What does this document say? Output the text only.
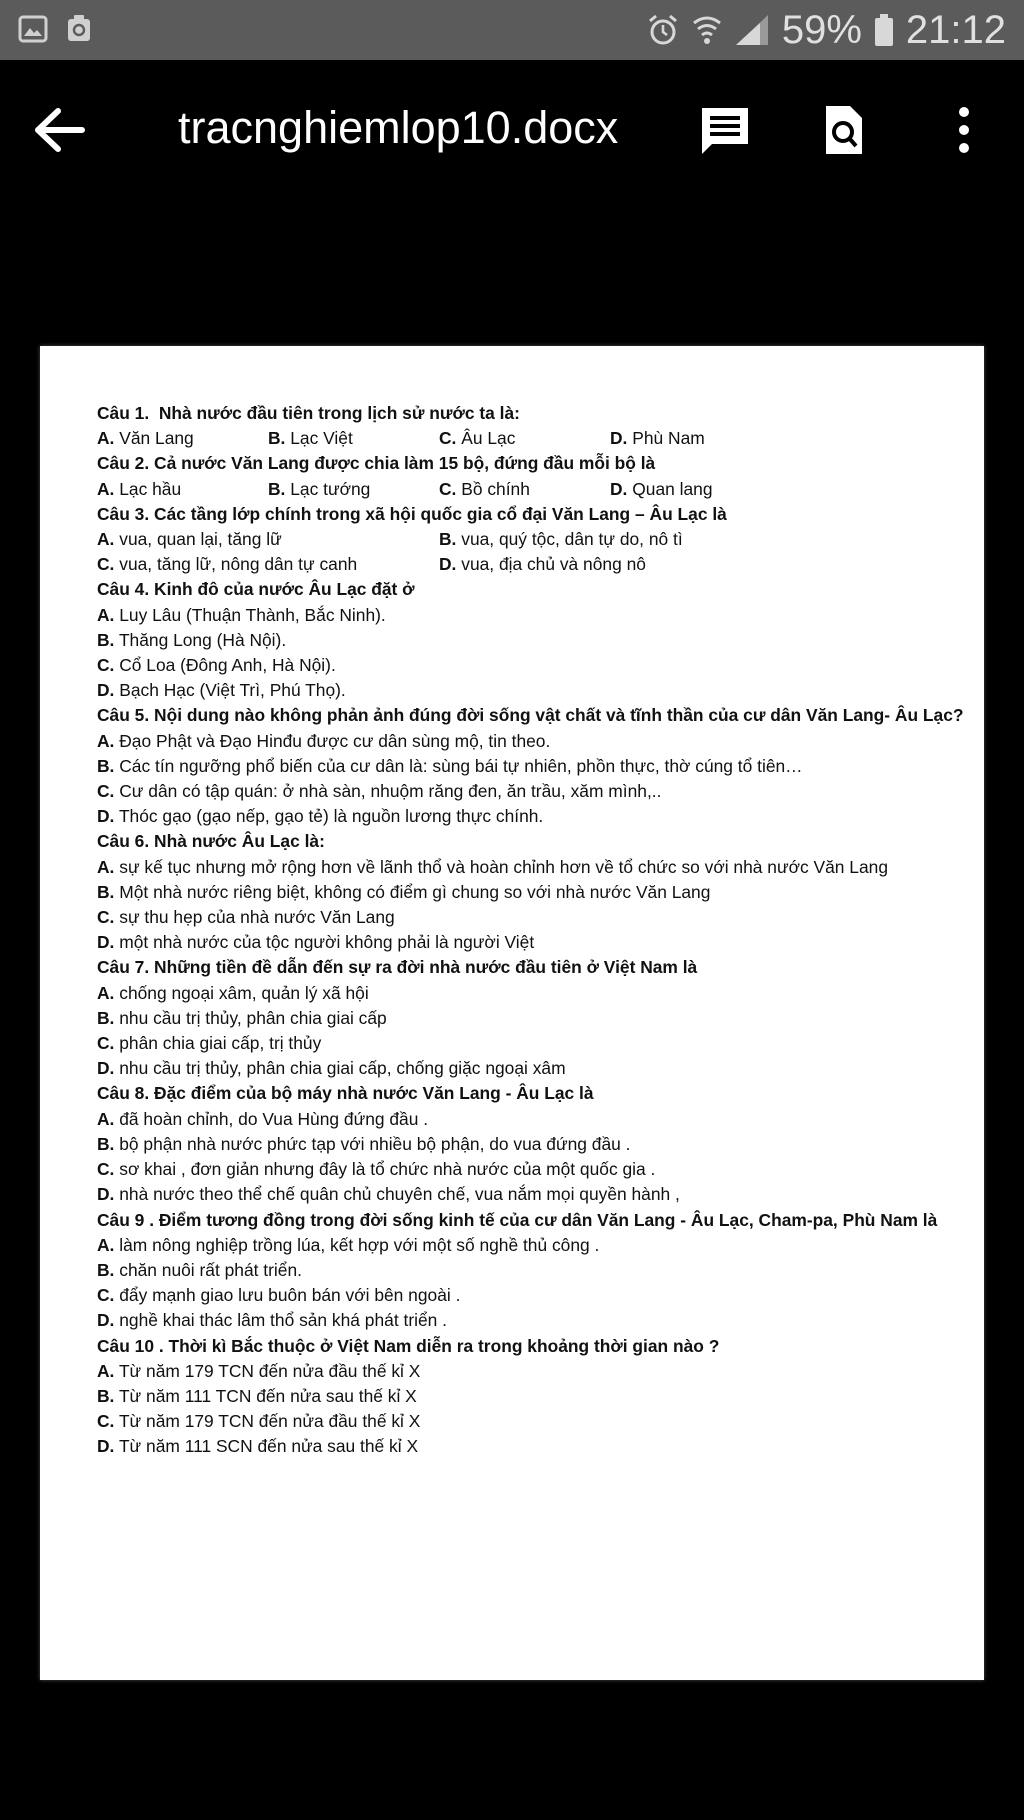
59% 21:12
tracnghiemlop10.docx
Câu 1.  Nhà nước đầu tiên trong lịch sử nước ta là:
A. Văn Lang	B. Lạc Việt	C. Âu Lạc	D. Phù Nam
Câu 2. Cả nước Văn Lang được chia làm 15 bộ, đứng đầu mỗi bộ là
A. Lạc hầu	B. Lạc tướng	C. Bồ chính	D. Quan lang
Câu 3. Các tầng lớp chính trong xã hội quốc gia cổ đại Văn Lang – Âu Lạc là
A. vua, quan lại, tăng lữ	B. vua, quý tộc, dân tự do, nô tì
C. vua, tăng lữ, nông dân tự canh	D. vua, địa chủ và nông nô
Câu 4. Kinh đô của nước Âu Lạc đặt ở
A. Luy Lâu (Thuận Thành, Bắc Ninh).
B. Thăng Long (Hà Nội).
C. Cổ Loa (Đông Anh, Hà Nội).
D. Bạch Hạc (Việt Trì, Phú Thọ).
Câu 5. Nội dung nào không phản ảnh đúng đời sống vật chất và tĩnh thần của cư dân Văn Lang- Âu Lạc?
A. Đạo Phật và Đạo Hinđu được cư dân sùng mộ, tin theo.
B. Các tín ngưỡng phổ biến của cư dân là: sùng bái tự nhiên, phồn thực, thờ cúng tổ tiên…
C. Cư dân có tập quán: ở nhà sàn, nhuộm răng đen, ăn trầu, xăm mình,..
D. Thóc gạo (gạo nếp, gạo tẻ) là nguồn lương thực chính.
Câu 6. Nhà nước Âu Lạc là:
A. sự kế tục nhưng mở rộng hơn về lãnh thổ và hoàn chỉnh hơn về tổ chức so với nhà nước Văn Lang
B. Một nhà nước riêng biệt, không có điểm gì chung so với nhà nước Văn Lang
C. sự thu hẹp của nhà nước Văn Lang
D. một nhà nước của tộc người không phải là người Việt
Câu 7. Những tiền đề dẫn đến sự ra đời nhà nước đầu tiên ở Việt Nam là
A. chống ngoại xâm, quản lý xã hội
B. nhu cầu trị thủy, phân chia giai cấp
C. phân chia giai cấp, trị thủy
D. nhu cầu trị thủy, phân chia giai cấp, chống giặc ngoại xâm
Câu 8. Đặc điểm của bộ máy nhà nước Văn Lang - Âu Lạc là
A. đã hoàn chỉnh, do Vua Hùng đứng đầu .
B. bộ phận nhà nước phức tạp với nhiều bộ phận, do vua đứng đầu .
C. sơ khai , đơn giản nhưng đây là tổ chức nhà nước của một quốc gia .
D. nhà nước theo thể chế quân chủ chuyên chế, vua nắm mọi quyền hành ,
Câu 9 . Điểm tương đồng trong đời sống kinh tế của cư dân Văn Lang - Âu Lạc, Cham-pa, Phù Nam là
A. làm nông nghiệp trồng lúa, kết hợp với một số nghề thủ công .
B. chăn nuôi rất phát triển.
C. đẩy mạnh giao lưu buôn bán với bên ngoài .
D. nghề khai thác lâm thổ sản khá phát triển .
Câu 10 . Thời kì Bắc thuộc ở Việt Nam diễn ra trong khoảng thời gian nào ?
A. Từ năm 179 TCN đến nửa đầu thế kỉ X
B. Từ năm 111 TCN đến nửa sau thế kỉ X
C. Từ năm 179 TCN đến nửa đầu thế kỉ X
D. Từ năm 111 SCN đến nửa sau thế kỉ X
